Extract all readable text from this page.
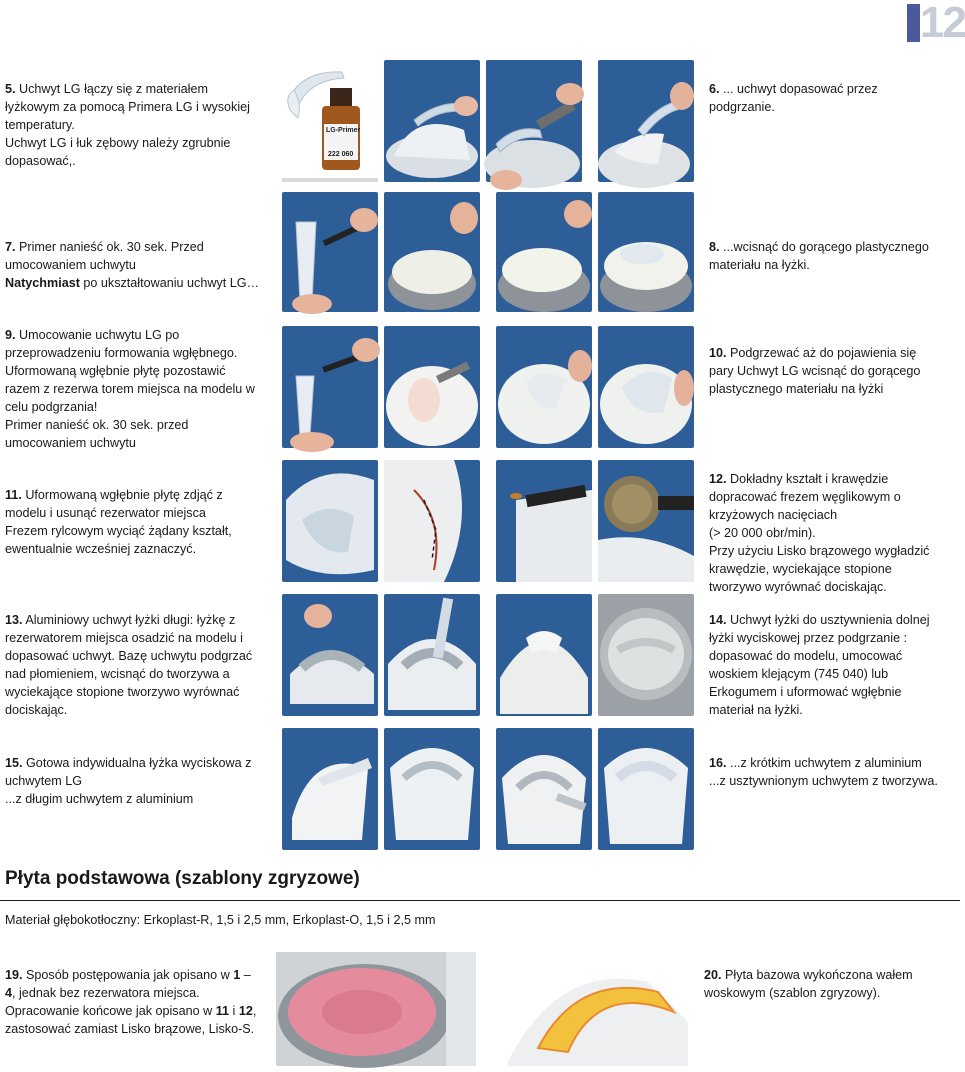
12
5. Uchwyt LG łączy się z materiałem
łyżkowym za pomocą Primera LG i wysokiej
temperatury.
Uchwyt LG i łuk zębowy należy zgrubnie
dopasować,.
LG-Primer
222 060
6. ... uchwyt dopasować przez
podgrzanie.
7. Primer nanieść ok. 30 sek. Przed
umocowaniem uchwytu
Natychmiast po ukształtowaniu uchwyt LG…
8. ...wcisnąć do gorącego plastycznego
materiału na łyżki.
9. Umocowanie uchwytu LG po
przeprowadzeniu formowania wgłębnego.
Uformowaną wgłębnie płytę pozostawić
razem z rezerwa torem miejsca na modelu w
celu podgrzania!
Primer nanieść ok. 30 sek. przed
umocowaniem uchwytu
10. Podgrzewać aż do pojawienia się
pary Uchwyt LG wcisnąć do gorącego
plastycznego materiału na łyżki
11. Uformowaną wgłębnie płytę zdjąć z
modelu i usunąć rezerwator miejsca
Frezem rylcowym wyciąć żądany kształt,
ewentualnie wcześniej zaznaczyć.
12. Dokładny kształt i krawędzie
dopracować frezem węglikowym o
krzyżowych nacięciach
(> 20 000 obr/min).
Przy użyciu Lisko brązowego wygładzić
krawędzie, wyciekające stopione
tworzywo wyrównać dociskając.
13. Aluminiowy uchwyt łyżki długi: łyżkę z
rezerwatorem miejsca osadzić na modelu i
dopasować uchwyt. Bazę uchwytu podgrzać
nad płomieniem, wcisnąć do tworzywa a
wyciekające stopione tworzywo wyrównać
dociskając.
14. Uchwyt łyżki do usztywnienia dolnej
łyżki wyciskowej przez podgrzanie :
dopasować do modelu, umocować
woskiem klejącym (745 040) lub
Erkogumem i uformować wgłębnie
materiał na łyżki.
15. Gotowa indywidualna łyżka wyciskowa z
uchwytem LG
...z długim uchwytem z aluminium
16. ...z krótkim uchwytem z aluminium
...z usztywnionym uchwytem z tworzywa.
Płyta podstawowa (szablony zgryzowe)
Materiał głębokotłoczny: Erkoplast-R, 1,5 i 2,5 mm, Erkoplast-O, 1,5 i 2,5 mm
19. Sposób postępowania jak opisano w 1 –
4, jednak bez rezerwatora miejsca.
Opracowanie końcowe jak opisano w 11 i 12,
zastosować zamiast Lisko brązowe, Lisko-S.
20. Płyta bazowa wykończona wałem
woskowym (szablon zgryzowy).
